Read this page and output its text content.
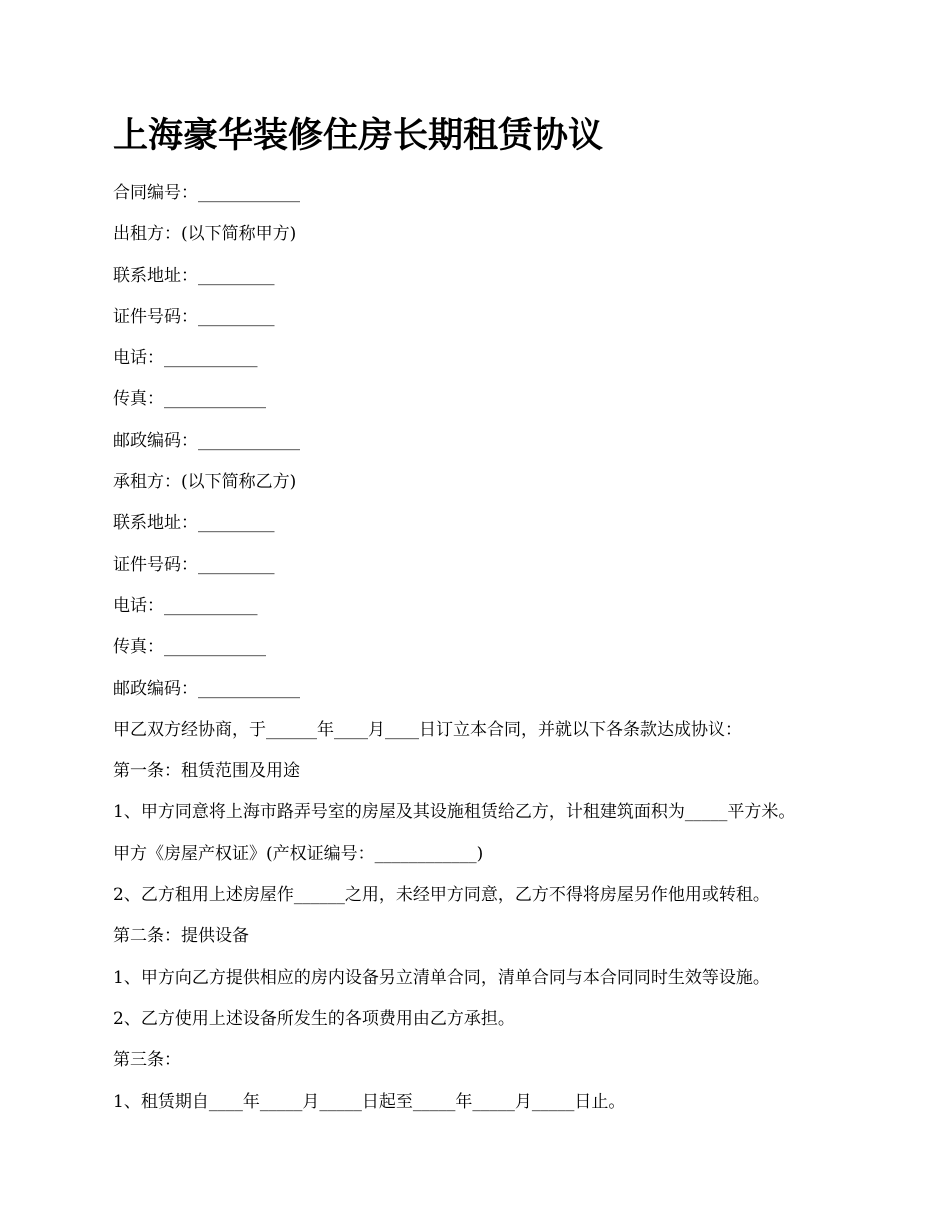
上海豪华装修住房长期租赁协议
合同编号：____________
出租方：(以下简称甲方)
联系地址：_________
证件号码：_________
电话：___________
传真：____________
邮政编码：____________
承租方：(以下简称乙方)
联系地址：_________
证件号码：_________
电话：___________
传真：____________
邮政编码：____________
甲乙双方经协商，于______年____月____日订立本合同，并就以下各条款达成协议：
第一条：租赁范围及用途
1、甲方同意将上海市路弄号室的房屋及其设施租赁给乙方，计租建筑面积为_____平方米。
甲方《房屋产权证》(产权证编号：____________)
2、乙方租用上述房屋作______之用，未经甲方同意，乙方不得将房屋另作他用或转租。
第二条：提供设备
1、甲方向乙方提供相应的房内设备另立清单合同，清单合同与本合同同时生效等设施。
2、乙方使用上述设备所发生的各项费用由乙方承担。
第三条：
1、租赁期自____年_____月_____日起至_____年_____月_____日止。
